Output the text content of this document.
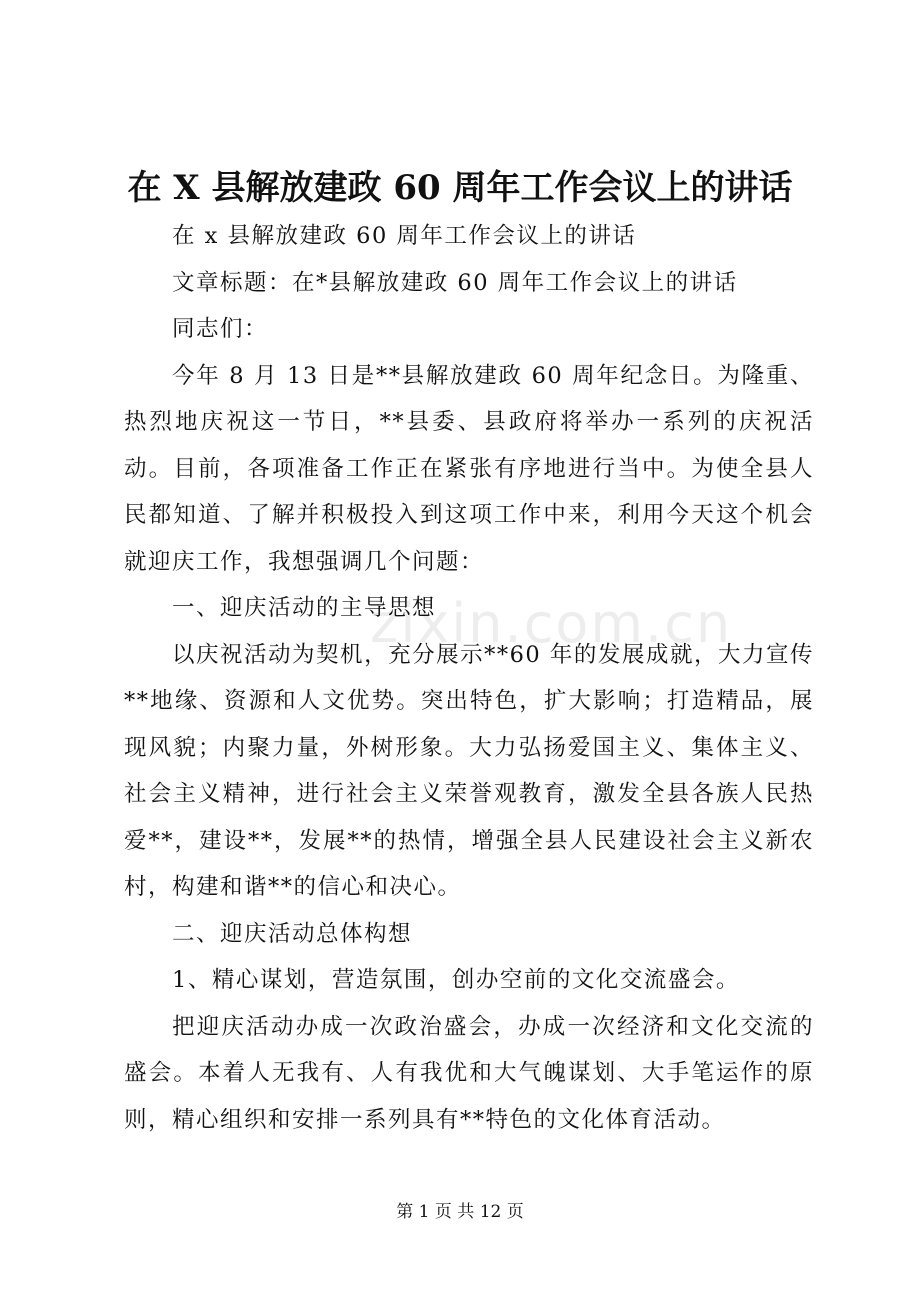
在 X 县解放建政 60 周年工作会议上的讲话

在 x 县解放建政 60 周年工作会议上的讲话

文章标题：在*县解放建政 60 周年工作会议上的讲话

同志们：

今年 8 月 13 日是**县解放建政 60 周年纪念日。为隆重、热烈地庆祝这一节日，**县委、县政府将举办一系列的庆祝活动。目前，各项准备工作正在紧张有序地进行当中。为使全县人民都知道、了解并积极投入到这项工作中来，利用今天这个机会就迎庆工作，我想强调几个问题：

一、迎庆活动的主导思想

以庆祝活动为契机，充分展示**60 年的发展成就，大力宣传**地缘、资源和人文优势。突出特色，扩大影响；打造精品，展现风貌；内聚力量，外树形象。大力弘扬爱国主义、集体主义、社会主义精神，进行社会主义荣誉观教育，激发全县各族人民热爱**，建设**，发展**的热情，增强全县人民建设社会主义新农村，构建和谐**的信心和决心。

二、迎庆活动总体构想

1、精心谋划，营造氛围，创办空前的文化交流盛会。

把迎庆活动办成一次政治盛会，办成一次经济和文化交流的盛会。本着人无我有、人有我优和大气魄谋划、大手笔运作的原则，精心组织和安排一系列具有**特色的文化体育活动。

zixin.com.cn
第 1 页 共 12 页
